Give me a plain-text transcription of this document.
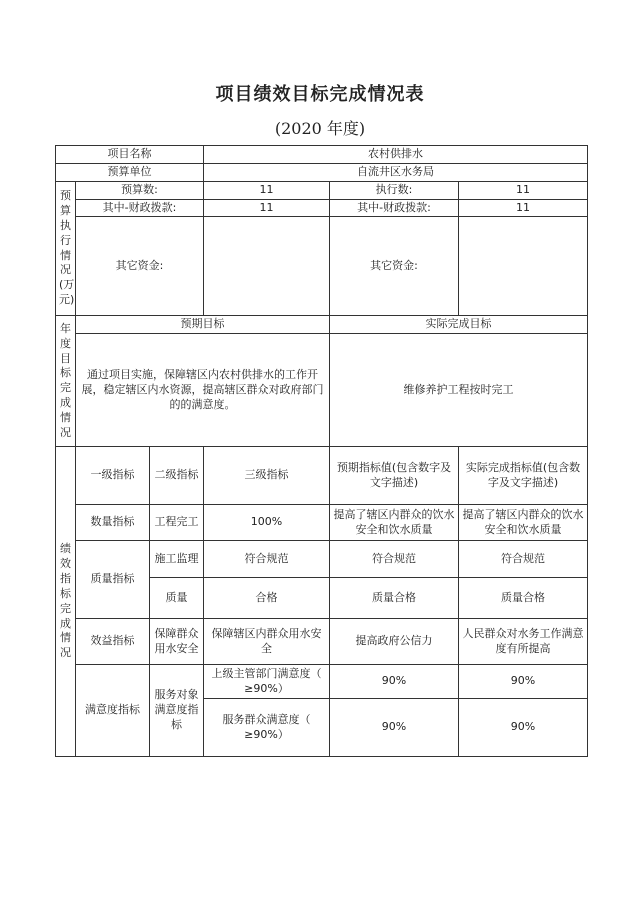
项目绩效目标完成情况表
(2020 年度)
项目名称			农村供排水		
预算单位			自流井区水务局		
预算执行情况(万元)	预算数:		11	执行数:	11
	其中-财政拨款:		11	其中-财政拨款:	11
	其它资金:			其它资金:	
年度目标完成情况	预期目标			实际完成目标	
	通过项目实施，保障辖区内农村供排水的工作开展，稳定辖区内水资源，提高辖区群众对政府部门的的满意度。			维修养护工程按时完工	
绩效指标完成情况	一级指标	二级指标	三级指标	预期指标值(包含数字及文字描述)	实际完成指标值(包含数字及文字描述)
	数量指标	工程完工	100%	提高了辖区内群众的饮水安全和饮水质量	提高了辖区内群众的饮水安全和饮水质量
	质量指标	施工监理	符合规范	符合规范	符合规范
		质量	合格	质量合格	质量合格
	效益指标	保障群众用水安全	保障辖区内群众用水安全	提高政府公信力	人民群众对水务工作满意度有所提高
	满意度指标	服务对象满意度指标	上级主管部门满意度（ ≥90%）	90%	90%
			服务群众满意度（ ≥90%）	90%	90%
